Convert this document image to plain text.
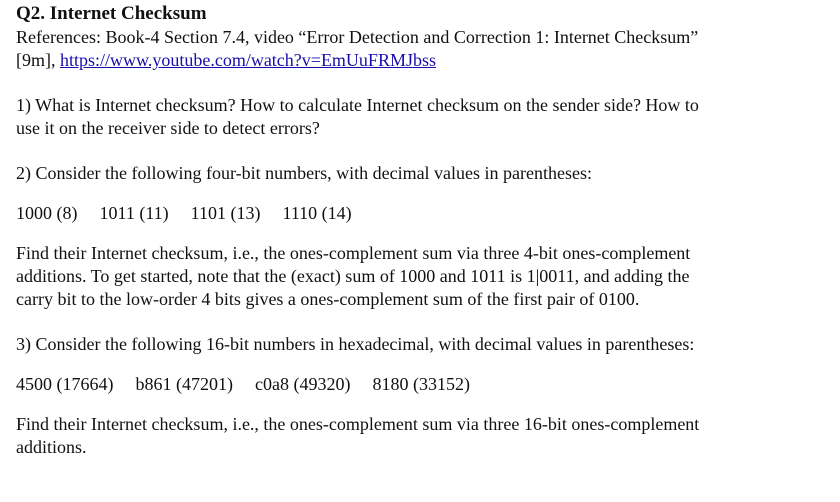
Q2. Internet Checksum

References: Book-4 Section 7.4, video “Error Detection and Correction 1: Internet Checksum”

[9m], https://www.youtube.com/watch?v=EmUuFRMJbss

1) What is Internet checksum? How to calculate Internet checksum on the sender side? How to

use it on the receiver side to detect errors?

2) Consider the following four-bit numbers, with decimal values in parentheses:

1000 (8) 1011 (11) 1101 (13) 1110 (14)

Find their Internet checksum, i.e., the ones-complement sum via three 4-bit ones-complement

additions. To get started, note that the (exact) sum of 1000 and 1011 is 1|0011, and adding the

carry bit to the low-order 4 bits gives a ones-complement sum of the first pair of 0100.

3) Consider the following 16-bit numbers in hexadecimal, with decimal values in parentheses:

4500 (17664) b861 (47201) c0a8 (49320) 8180 (33152)

Find their Internet checksum, i.e., the ones-complement sum via three 16-bit ones-complement

additions.
